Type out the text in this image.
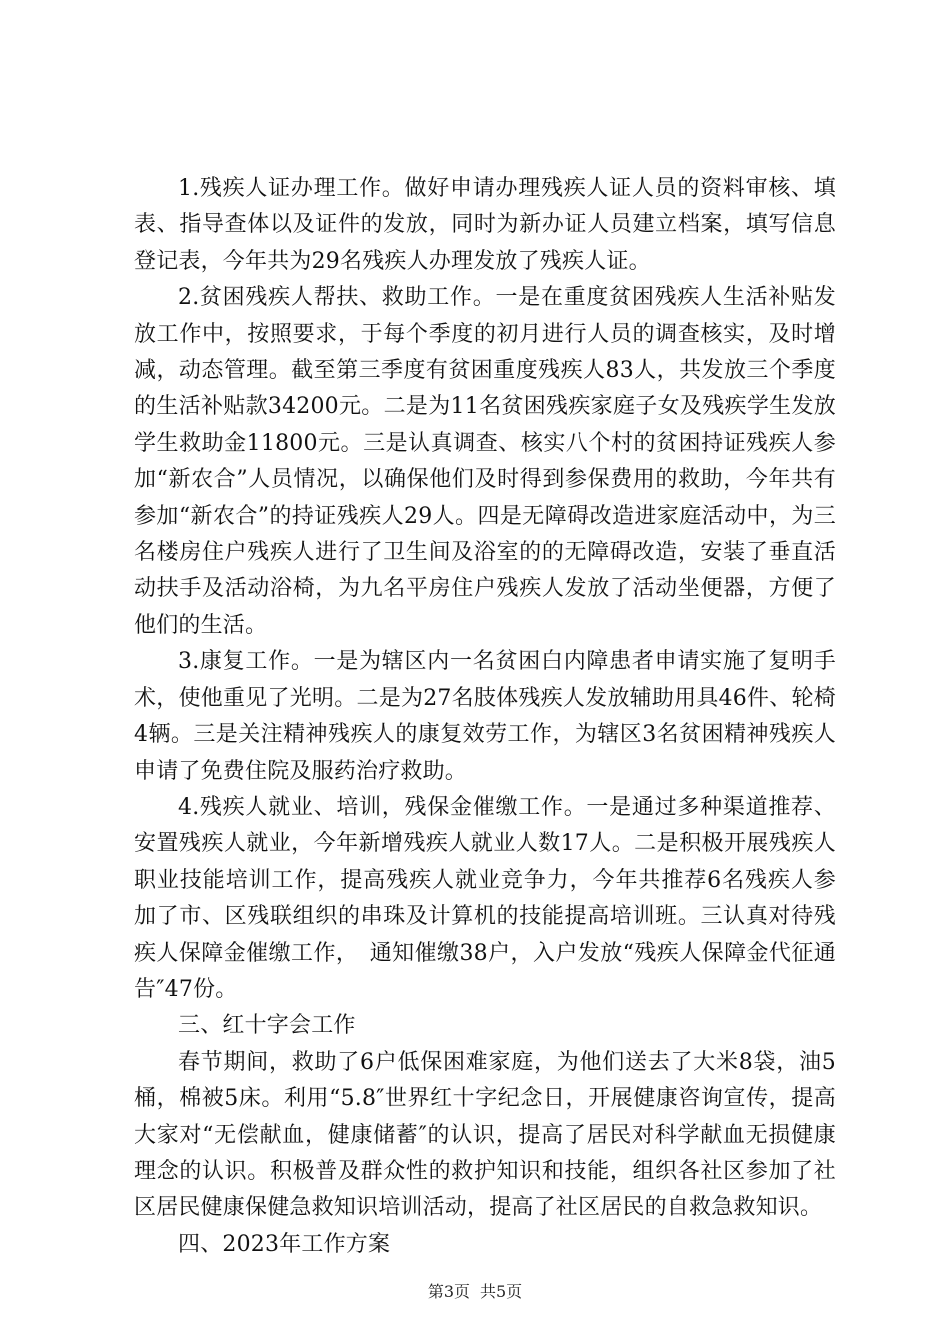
1.残疾人证办理工作。做好申请办理残疾人证人员的资料审核、填表、指导查体以及证件的发放，同时为新办证人员建立档案，填写信息登记表，今年共为29名残疾人办理发放了残疾人证。

2.贫困残疾人帮扶、救助工作。一是在重度贫困残疾人生活补贴发放工作中，按照要求，于每个季度的初月进行人员的调查核实，及时增减，动态管理。截至第三季度有贫困重度残疾人83人，共发放三个季度的生活补贴款34200元。二是为11名贫困残疾家庭子女及残疾学生发放学生救助金11800元。三是认真调查、核实八个村的贫困持证残疾人参加“新农合”人员情况，以确保他们及时得到参保费用的救助，今年共有参加“新农合”的持证残疾人29人。四是无障碍改造进家庭活动中，为三名楼房住户残疾人进行了卫生间及浴室的的无障碍改造，安装了垂直活动扶手及活动浴椅，为九名平房住户残疾人发放了活动坐便器，方便了他们的生活。

3.康复工作。一是为辖区内一名贫困白内障患者申请实施了复明手术，使他重见了光明。二是为27名肢体残疾人发放辅助用具46件、轮椅4辆。三是关注精神残疾人的康复效劳工作，为辖区3名贫困精神残疾人申请了免费住院及服药治疗救助。

4.残疾人就业、培训，残保金催缴工作。一是通过多种渠道推荐、安置残疾人就业，今年新增残疾人就业人数17人。二是积极开展残疾人职业技能培训工作，提高残疾人就业竞争力，今年共推荐6名残疾人参加了市、区残联组织的串珠及计算机的技能提高培训班。三认真对待残疾人保障金催缴工作，　通知催缴38户，入户发放“残疾人保障金代征通告″47份。

三、红十字会工作

春节期间，救助了6户低保困难家庭，为他们送去了大米8袋，油5桶，棉被5床。利用“5.8″世界红十字纪念日，开展健康咨询宣传，提高大家对“无偿献血，健康储蓄″的认识，提高了居民对科学献血无损健康理念的认识。积极普及群众性的救护知识和技能，组织各社区参加了社区居民健康保健急救知识培训活动，提高了社区居民的自救急救知识。

四、2023年工作方案

第3页 共5页
